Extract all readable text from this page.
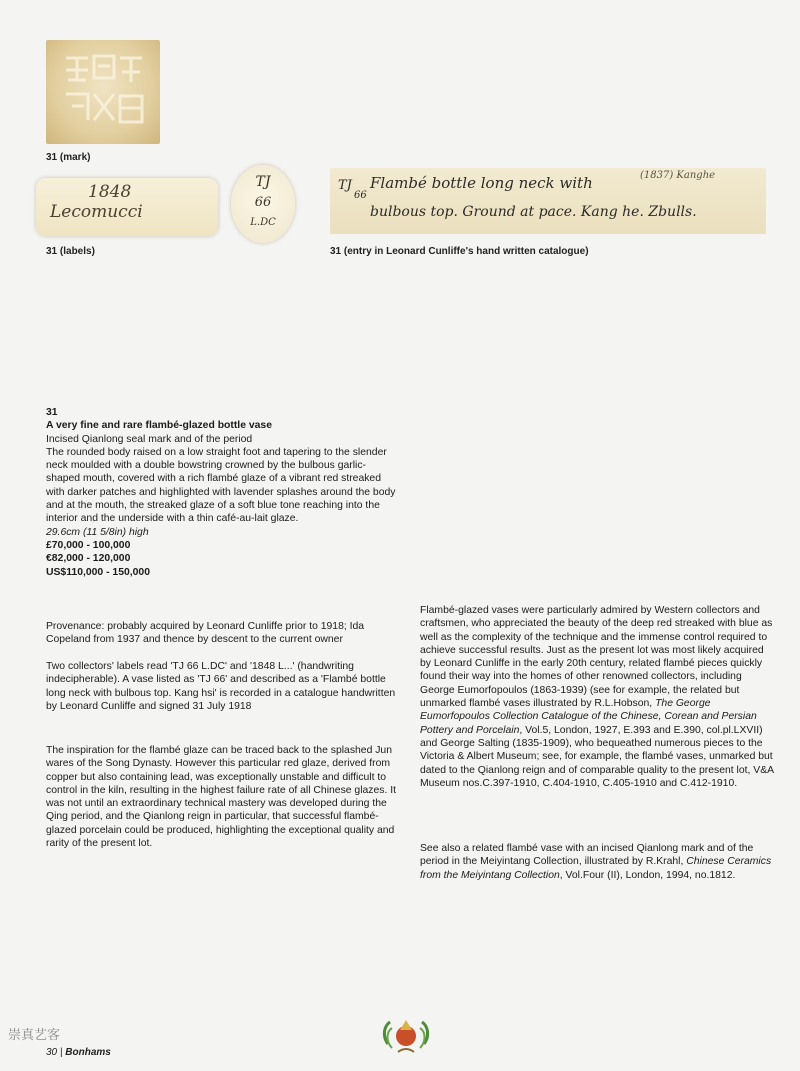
31 (mark)
1848
Lecomucci
TJ
66
L.DC
31 (labels)
TJ
66
Flambé bottle long neck with	(1837) Kanghe
bulbous top. Ground at pace. Kang he. Zbulls.
31 (entry in Leonard Cunliffe's hand written catalogue)

31

A very fine and rare flambé-glazed bottle vase

Incised Qianlong seal mark and of the period

The rounded body raised on a low straight foot and tapering to the slender neck moulded with a double bowstring crowned by the bulbous garlic-shaped mouth, covered with a rich flambé glaze of a vibrant red streaked with darker patches and highlighted with lavender splashes around the body and at the mouth, the streaked glaze of a soft blue tone reaching into the interior and the underside with a thin café-au-lait glaze.

29.6cm (11 5/8in) high

£70,000 - 100,000

€82,000 - 120,000

US$110,000 - 150,000

Provenance: probably acquired by Leonard Cunliffe prior to 1918; Ida Copeland from 1937 and thence by descent to the current owner
Two collectors' labels read 'TJ 66 L.DC' and '1848 L...' (handwriting indecipherable). A vase listed as 'TJ 66' and described as a 'Flambé bottle long neck with bulbous top. Kang hsi' is recorded in a catalogue handwritten by Leonard Cunliffe and signed 31 July 1918
The inspiration for the flambé glaze can be traced back to the splashed Jun wares of the Song Dynasty. However this particular red glaze, derived from copper but also containing lead, was exceptionally unstable and difficult to control in the kiln, resulting in the highest failure rate of all Chinese glazes. It was not until an extraordinary technical mastery was developed during the Qing period, and the Qianlong reign in particular, that successful flambé-glazed porcelain could be produced, highlighting the exceptional quality and rarity of the present lot.
Flambé-glazed vases were particularly admired by Western collectors and craftsmen, who appreciated the beauty of the deep red streaked with blue as well as the complexity of the technique and the immense control required to achieve successful results. Just as the present lot was most likely acquired by Leonard Cunliffe in the early 20th century, related flambé pieces quickly found their way into the homes of other renowned collectors, including George Eumorfopoulos (1863-1939) (see for example, the related but unmarked flambé vases illustrated by R.L.Hobson, The George Eumorfopoulos Collection Catalogue of the Chinese, Corean and Persian Pottery and Porcelain, Vol.5, London, 1927, E.393 and E.390, col.pl.LXVII) and George Salting (1835-1909), who bequeathed numerous pieces to the Victoria & Albert Museum; see, for example, the flambé vases, unmarked but dated to the Qianlong reign and of comparable quality to the present lot, V&A Museum nos.C.397-1910, C.404-1910, C.405-1910 and C.412-1910.
See also a related flambé vase with an incised Qianlong mark and of the period in the Meiyintang Collection, illustrated by R.Krahl, Chinese Ceramics from the Meiyintang Collection, Vol.Four (II), London, 1994, no.1812.
崇真艺客
30 | Bonhams
